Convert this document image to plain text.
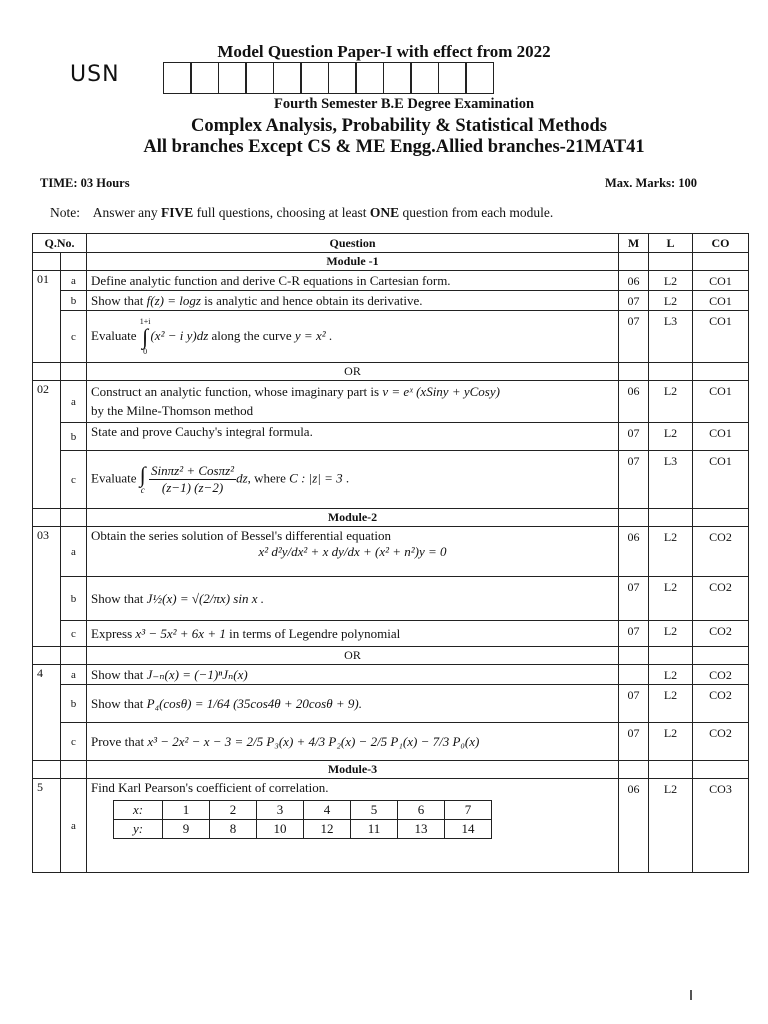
Model Question Paper-I with effect from 2022
USN
Fourth Semester B.E Degree Examination
Complex Analysis, Probability & Statistical Methods
All branches Except CS & ME Engg.Allied branches-21MAT41
TIME: 03 Hours	Max. Marks: 100
Note: Answer any FIVE full questions, choosing at least ONE question from each module.
Q.No.	Question	M	L	CO
		Module -1			
01	a	Define analytic function and derive C-R equations in Cartesian form.	06	L2	CO1
b	Show that f(z) = logz is analytic and hence obtain its derivative.	07	L2	CO1
c	Evaluate
1+i
∫
0
(x² − i y)dz along the curve y = x² .	07	L3	CO1
		OR			
02	a	
Construct an analytic function, whose imaginary part is v = eˣ (xSiny + yCosy)
by the Milne-Thomson method
	06	L2	CO1
b	State and prove Cauchy's integral formula.	07	L2	CO1
c	Evaluate ∫
c

Sinπz² + Cosπz²
(z−1) (z−2)
dz, where C : |z| = 3 .	07	L3	CO1
		Module-2			
03	a	
Obtain the series solution of Bessel's differential equation
x² d²y/dx² + x dy/dx + (x² + n²)y = 0
	06	L2	CO2
b	Show that J½(x) = √(2/πx) sin x .	07	L2	CO2
c	Express x³ − 5x² + 6x + 1 in terms of Legendre polynomial	07	L2	CO2
		OR			
4	a	Show that J₋ₙ(x) = (−1)ⁿJₙ(x)		L2	CO2
b	Show that P₄(cosθ) = 1/64 (35cos4θ + 20cosθ + 9).	07	L2	CO2
c	Prove that x³ − 2x² − x − 3 = 2/5 P₃(x) + 4/3 P₂(x) − 2/5 P₁(x) − 7/3 P₀(x)	07	L2	CO2
		Module-3			
5	a	
Find Karl Pearson's coefficient of correlation.
x:	1	2	3	4	5	6	7
y:	9	8	10	12	11	13	14
	06	L2	CO3
